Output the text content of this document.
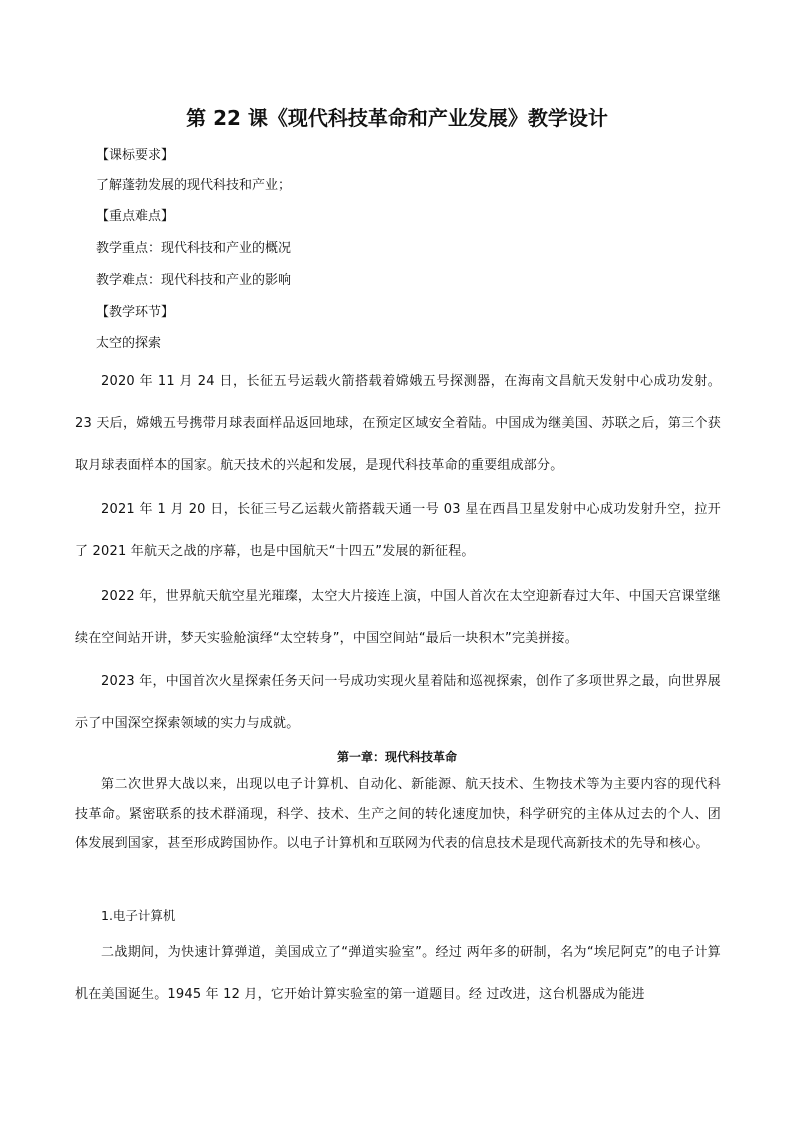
第 22 课《现代科技革命和产业发展》教学设计

【课标要求】

了解蓬勃发展的现代科技和产业；

【重点难点】

教学重点：现代科技和产业的概况

教学难点：现代科技和产业的影响

【教学环节】

太空的探索

2020 年 11 月 24 日，长征五号运载火箭搭载着嫦娥五号探测器，在海南文昌航天发射中心成功发射。23 天后，嫦娥五号携带月球表面样品返回地球，在预定区域安全着陆。中国成为继美国、苏联之后，第三个获取月球表面样本的国家。航天技术的兴起和发展，是现代科技革命的重要组成部分。

2021 年 1 月 20 日，长征三号乙运载火箭搭载天通一号 03 星在西昌卫星发射中心成功发射升空，拉开了 2021 年航天之战的序幕，也是中国航天“十四五”发展的新征程。

2022 年，世界航天航空星光璀璨，太空大片接连上演，中国人首次在太空迎新春过大年、中国天宫课堂继续在空间站开讲，梦天实验舱演绎“太空转身”，中国空间站“最后一块积木”完美拼接。

2023 年，中国首次火星探索任务天问一号成功实现火星着陆和巡视探索，创作了多项世界之最，向世界展示了中国深空探索领域的实力与成就。

第一章：现代科技革命

第二次世界大战以来，出现以电子计算机、自动化、新能源、航天技术、生物技术等为主要内容的现代科技革命。紧密联系的技术群涌现，科学、技术、生产之间的转化速度加快，科学研究的主体从过去的个人、团体发展到国家，甚至形成跨国协作。以电子计算机和互联网为代表的信息技术是现代高新技术的先导和核心。

1.电子计算机

二战期间，为快速计算弹道，美国成立了“弹道实验室”。经过 两年多的研制，名为“埃尼阿克”的电子计算机在美国诞生。1945 年 12 月，它开始计算实验室的第一道题目。经 过改进，这台机器成为能进
